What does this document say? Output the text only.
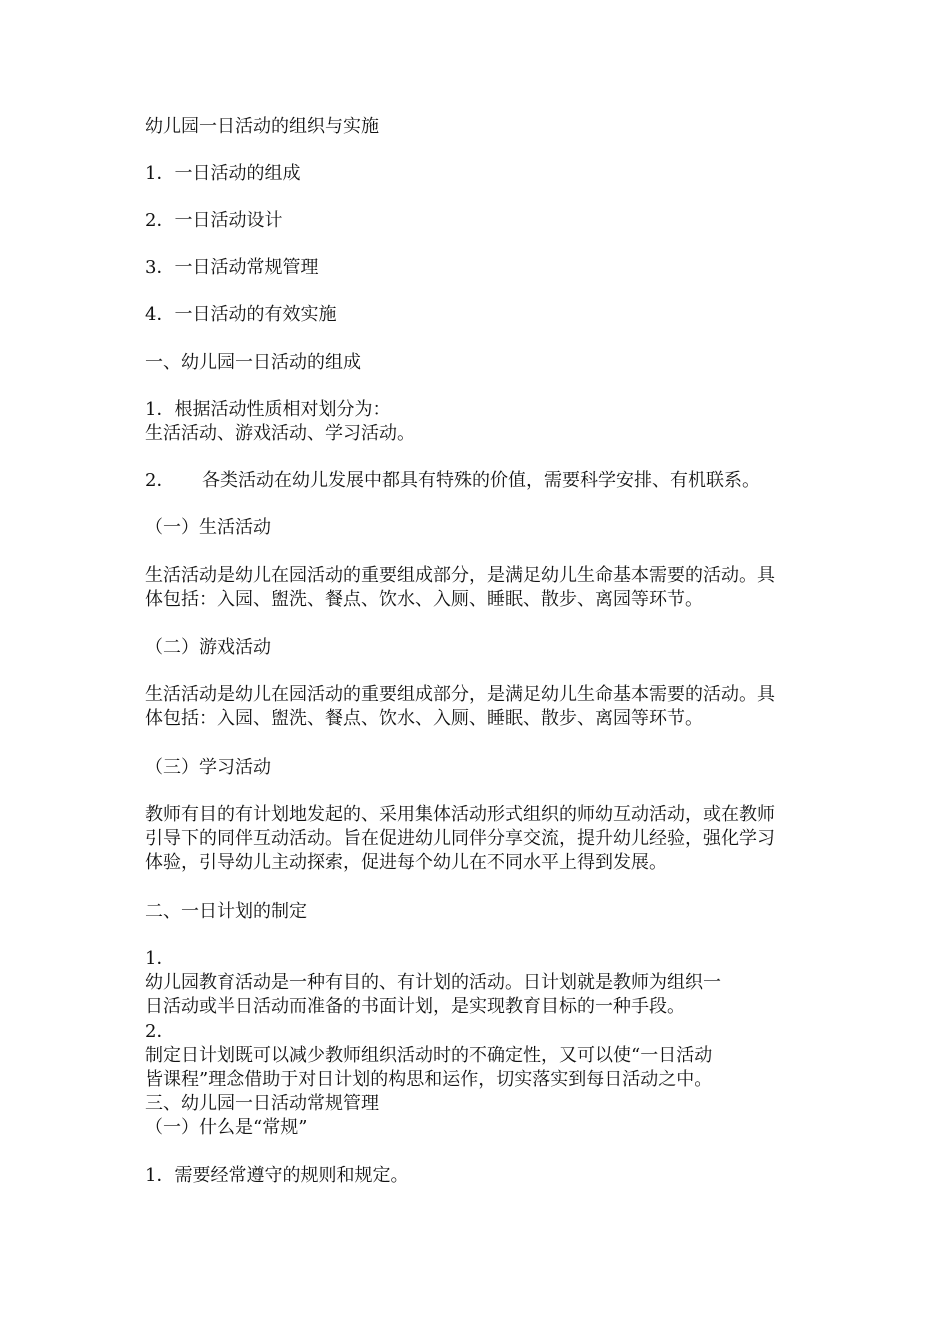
幼儿园一日活动的组织与实施
1．一日活动的组成
2．一日活动设计
3．一日活动常规管理
4．一日活动的有效实施
一、幼儿园一日活动的组成
1．根据活动性质相对划分为：
生活活动、游戏活动、学习活动。
2． 各类活动在幼儿发展中都具有特殊的价值，需要科学安排、有机联系。
（一）生活活动
生活活动是幼儿在园活动的重要组成部分，是满足幼儿生命基本需要的活动。具
体包括：入园、盥洗、餐点、饮水、入厕、睡眠、散步、离园等环节。
（二）游戏活动
生活活动是幼儿在园活动的重要组成部分，是满足幼儿生命基本需要的活动。具
体包括：入园、盥洗、餐点、饮水、入厕、睡眠、散步、离园等环节。
（三）学习活动
教师有目的有计划地发起的、采用集体活动形式组织的师幼互动活动，或在教师
引导下的同伴互动活动。旨在促进幼儿同伴分享交流，提升幼儿经验，强化学习
体验，引导幼儿主动探索，促进每个幼儿在不同水平上得到发展。
二、一日计划的制定
1．
幼儿园教育活动是一种有目的、有计划的活动。日计划就是教师为组织一
日活动或半日活动而准备的书面计划，是实现教育目标的一种手段。
2．
制定日计划既可以减少教师组织活动时的不确定性，又可以使“一日活动
皆课程”理念借助于对日计划的构思和运作，切实落实到每日活动之中。
三、幼儿园一日活动常规管理
（一）什么是“常规”
1．需要经常遵守的规则和规定。
